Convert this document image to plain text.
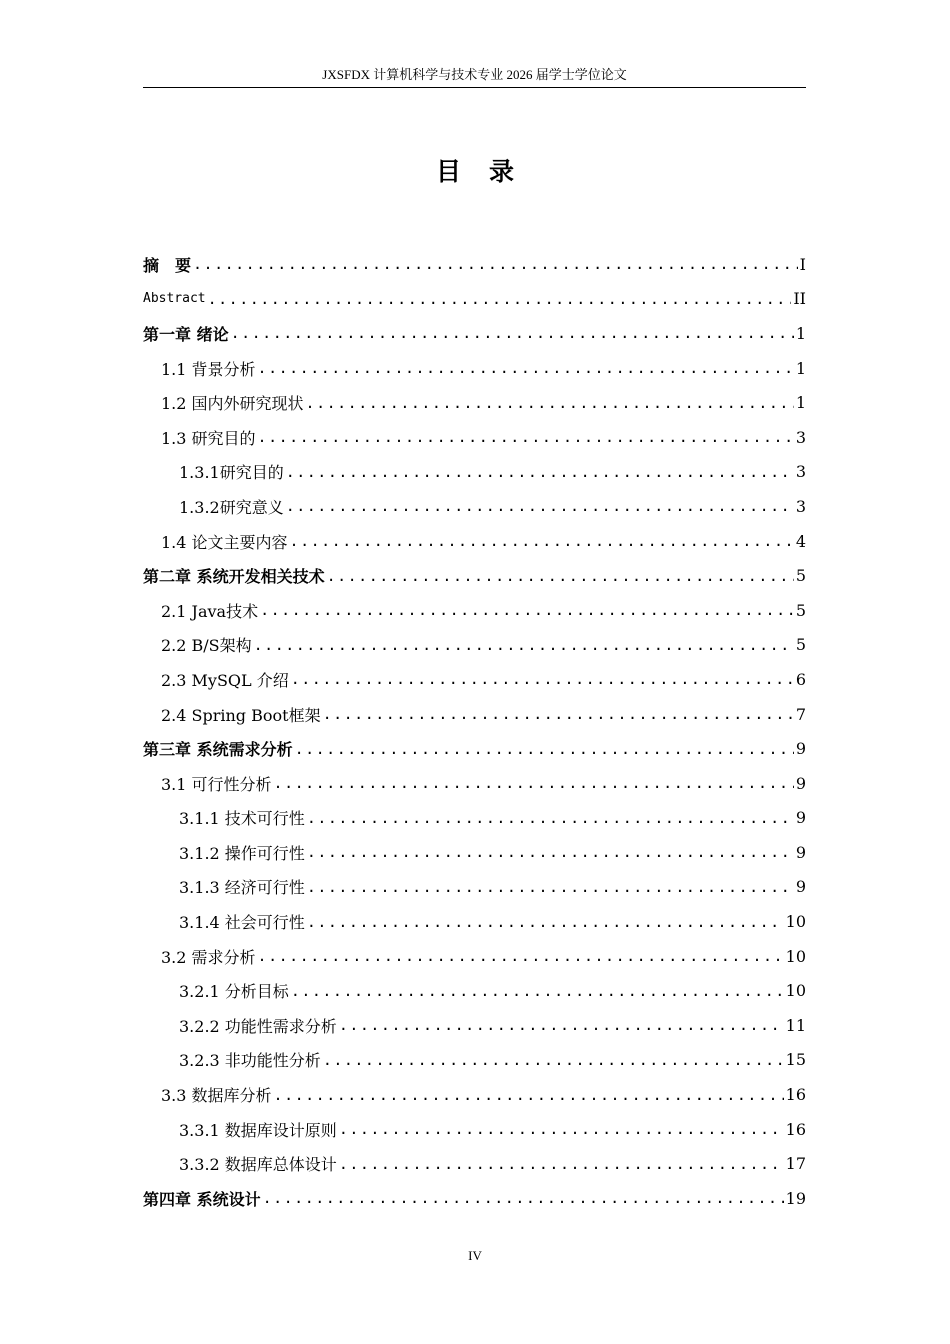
JXSFDX 计算机科学与技术专业 2026 届学士学位论文
目录
摘　要 .....	I
Abstract .....	II
第一章 绪论 .....	1
1.1 背景分析 .....	1
1.2 国内外研究现状 .....	1
1.3 研究目的 .....	3
1.3.1研究目的 .....	3
1.3.2研究意义 .....	3
1.4 论文主要内容 .....	4
第二章 系统开发相关技术 .....	5
2.1 Java技术 .....	5
2.2 B/S架构 .....	5
2.3 MySQL 介绍 .....	6
2.4 Spring Boot框架 .....	7
第三章 系统需求分析 .....	9
3.1 可行性分析 .....	9
3.1.1 技术可行性 .....	9
3.1.2 操作可行性 .....	9
3.1.3 经济可行性 .....	9
3.1.4 社会可行性 .....	10
3.2 需求分析 .....	10
3.2.1 分析目标 .....	10
3.2.2 功能性需求分析 .....	11
3.2.3 非功能性分析 .....	15
3.3 数据库分析 .....	16
3.3.1 数据库设计原则 .....	16
3.3.2 数据库总体设计 .....	17
第四章 系统设计 .....	19
IV
